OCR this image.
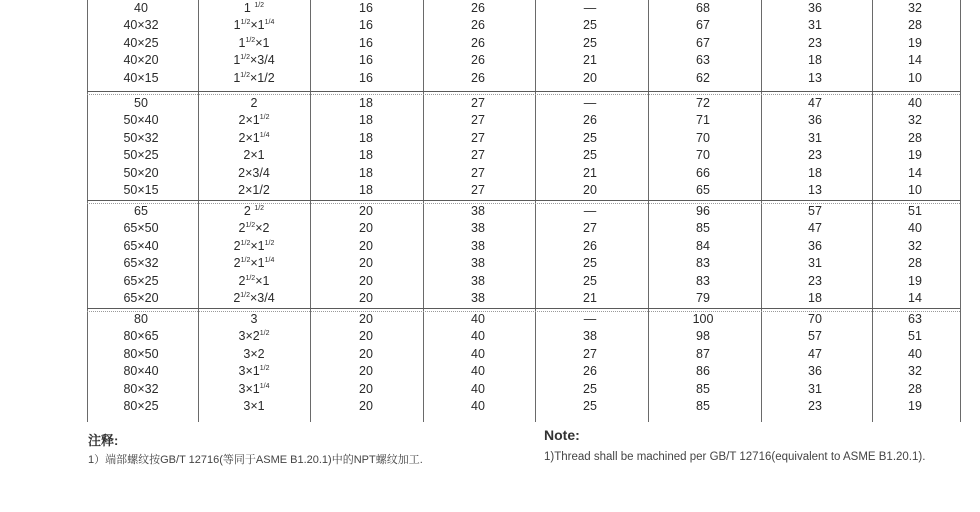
40	1 $^{1/2}$	16	26	—	68	36	32
40×32	$1^{1/2}\times 1^{1/4}$	16	26	25	67	31	28
40×25	$1^{1/2}\times 1$	16	26	25	67	23	19
40×20	$1^{1/2}\times 3/4$	16	26	21	63	18	14
40×15	$1^{1/2}\times 1/2$	16	26	20	62	13	10
50	2	18	27	—	72	47	40
50×40	$2\times 1^{1/2}$	18	27	26	71	36	32
50×32	$2\times 1^{1/4}$	18	27	25	70	31	28
50×25	2×1	18	27	25	70	23	19
50×20	2×3/4	18	27	21	66	18	14
50×15	2×1/2	18	27	20	65	13	10
65	2 $^{1/2}$	20	38	—	96	57	51
65×50	$2^{1/2}\times 2$	20	38	27	85	47	40
65×40	$2^{1/2}\times 1^{1/2}$	20	38	26	84	36	32
65×32	$2^{1/2}\times 1^{1/4}$	20	38	25	83	31	28
65×25	$2^{1/2}\times 1$	20	38	25	83	23	19
65×20	$2^{1/2}\times 3/4$	20	38	21	79	18	14
80	3	20	40	—	100	70	63
80×65	$3\times 2^{1/2}$	20	40	38	98	57	51
80×50	3×2	20	40	27	87	47	40
80×40	$3\times 1^{1/2}$	20	40	26	86	36	32
80×32	$3\times 1^{1/4}$	20	40	25	85	31	28
80×25	3×1	20	40	25	85	23	19
注释:
1）端部螺纹按GB/T 12716(等同于ASME B1.20.1)中的NPT螺纹加工.
Note:
1)Thread shall be machined per GB/T 12716(equivalent to ASME B1.20.1).
